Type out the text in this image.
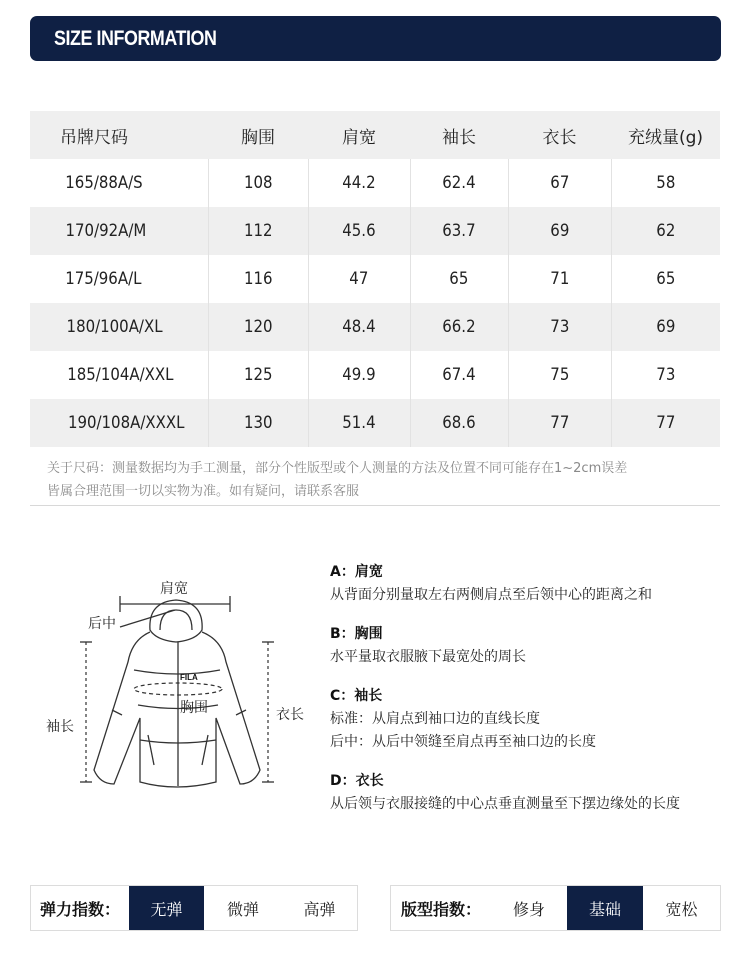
SIZE INFORMATION
吊牌尺码	胸围	肩宽	袖长	衣长	充绒量(g)
165/88A/S	108	44.2	62.4	67	58
170/92A/M	112	45.6	63.7	69	62
175/96A/L	116	47	65	71	65
180/100A/XL	120	48.4	66.2	73	69
185/104A/XXL	125	49.9	67.4	75	73
190/108A/XXXL	130	51.4	68.6	77	77
关于尺码：测量数据均为手工测量，部分个性版型或个人测量的方法及位置不同可能存在1~2cm误差
皆属合理范围一切以实物为准。如有疑问，请联系客服
FILA
肩宽
后中
袖长
胸围	衣长
A：肩宽
从背面分别量取左右两侧肩点至后领中心的距离之和
B：胸围
水平量取衣服腋下最宽处的周长
C：袖长
标准：从肩点到袖口边的直线长度
后中：从后中领缝至肩点再至袖口边的长度
D：衣长
从后领与衣服接缝的中心点垂直测量至下摆边缘处的长度
弹力指数：	无弹	微弹	高弹	版型指数：	修身	基础	宽松
